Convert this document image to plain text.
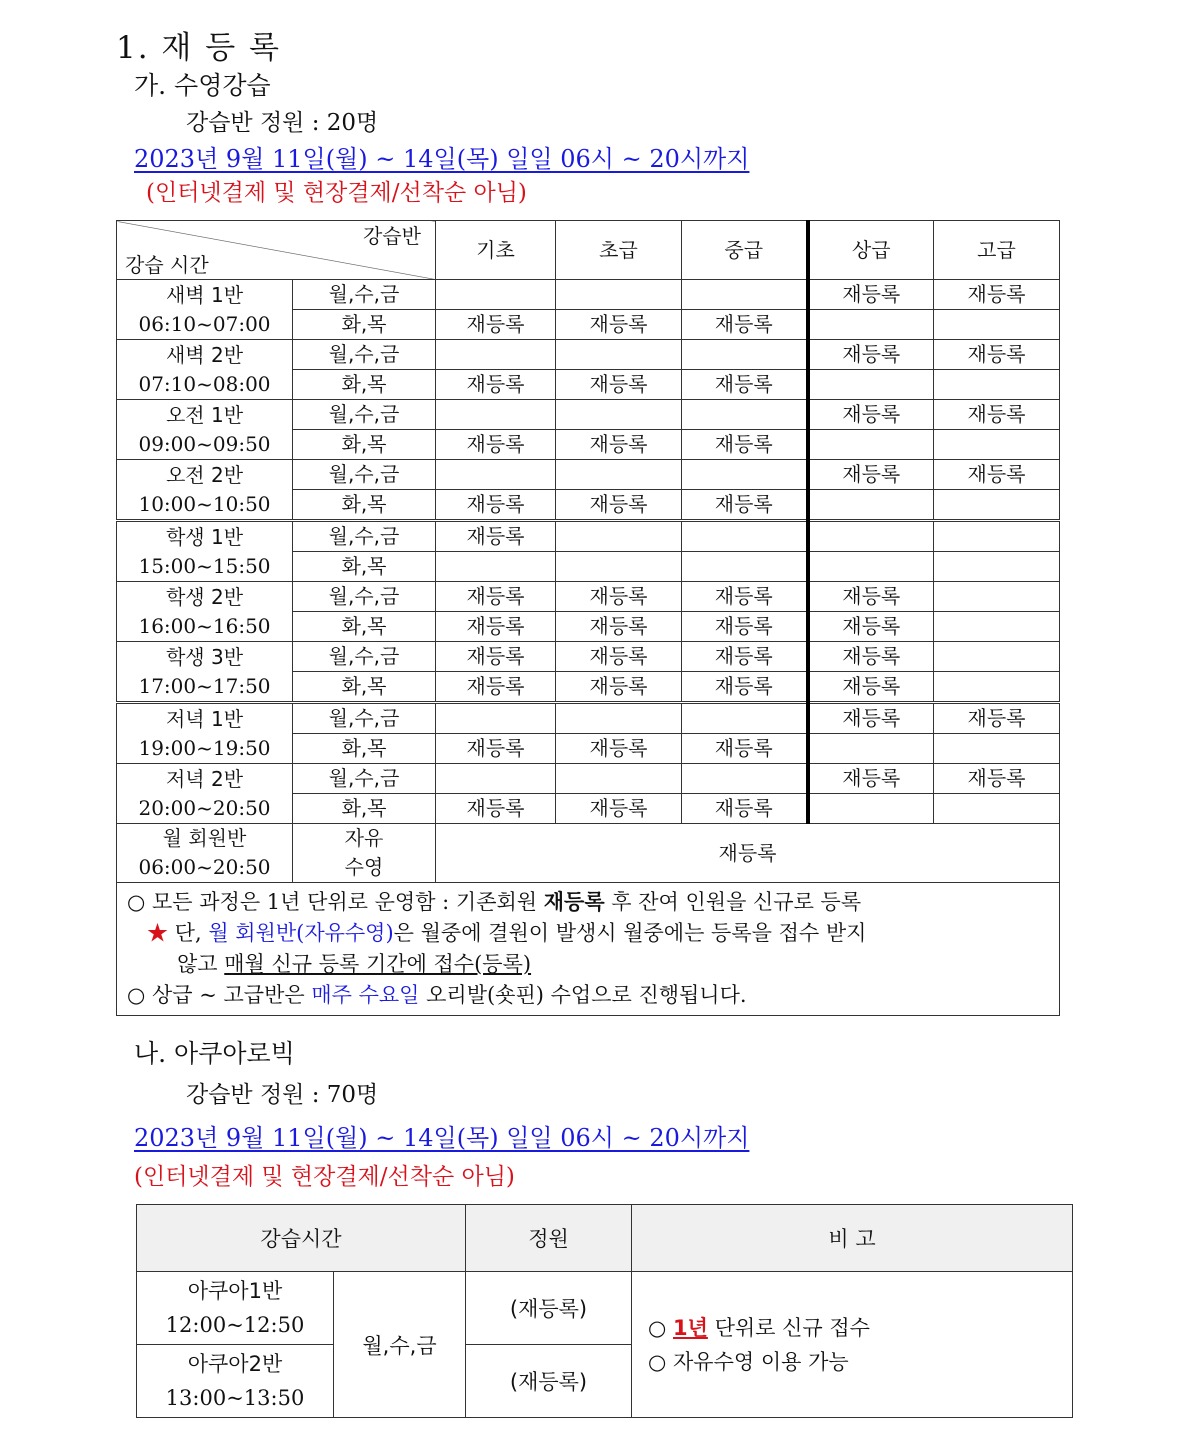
1. 재 등 록
가. 수영강습
강습반 정원 : 20명
2023년 9월 11일(월) ~ 14일(목) 일일 06시 ~ 20시까지
(인터넷결제 및 현장결제/선착순 아님)
강습반
강습 시간		기초	초급	중급	상급	고급
새벽 1반
06:10~07:00	월,수,금				재등록	재등록
	화,목	재등록	재등록	재등록		
새벽 2반
07:10~08:00	월,수,금				재등록	재등록
	화,목	재등록	재등록	재등록		
오전 1반
09:00~09:50	월,수,금				재등록	재등록
	화,목	재등록	재등록	재등록		
오전 2반
10:00~10:50	월,수,금				재등록	재등록
	화,목	재등록	재등록	재등록		
학생 1반
15:00~15:50	월,수,금	재등록				
	화,목					
학생 2반
16:00~16:50	월,수,금	재등록	재등록	재등록	재등록	
	화,목	재등록	재등록	재등록	재등록	
학생 3반
17:00~17:50	월,수,금	재등록	재등록	재등록	재등록	
	화,목	재등록	재등록	재등록	재등록	
저녁 1반
19:00~19:50	월,수,금				재등록	재등록
	화,목	재등록	재등록	재등록		
저녁 2반
20:00~20:50	월,수,금				재등록	재등록
	화,목	재등록	재등록	재등록		
월 회원반
06:00~20:50	자유
수영	재등록				

○ 모든 과정은 1년 단위로 운영함 : 기존회원 재등록 후 잔여 인원을 신규로 등록
★ 단, 월 회원반(자유수영)은 월중에 결원이 발생시 월중에는 등록을 접수 받지
않고 매월 신규 등록 기간에 접수(등록)
○ 상급 ~ 고급반은 매주 수요일 오리발(숏핀) 수업으로 진행됩니다.						
나. 아쿠아로빅
강습반 정원 : 70명
2023년 9월 11일(월) ~ 14일(목) 일일 06시 ~ 20시까지
(인터넷결제 및 현장결제/선착순 아님)
강습시간		정원	비 고
아쿠아1반
12:00~12:50	월,수,금	(재등록)	○ 1년 단위로 신규 접수
○ 자유수영 이용 가능
아쿠아2반
13:00~13:50		(재등록)	
